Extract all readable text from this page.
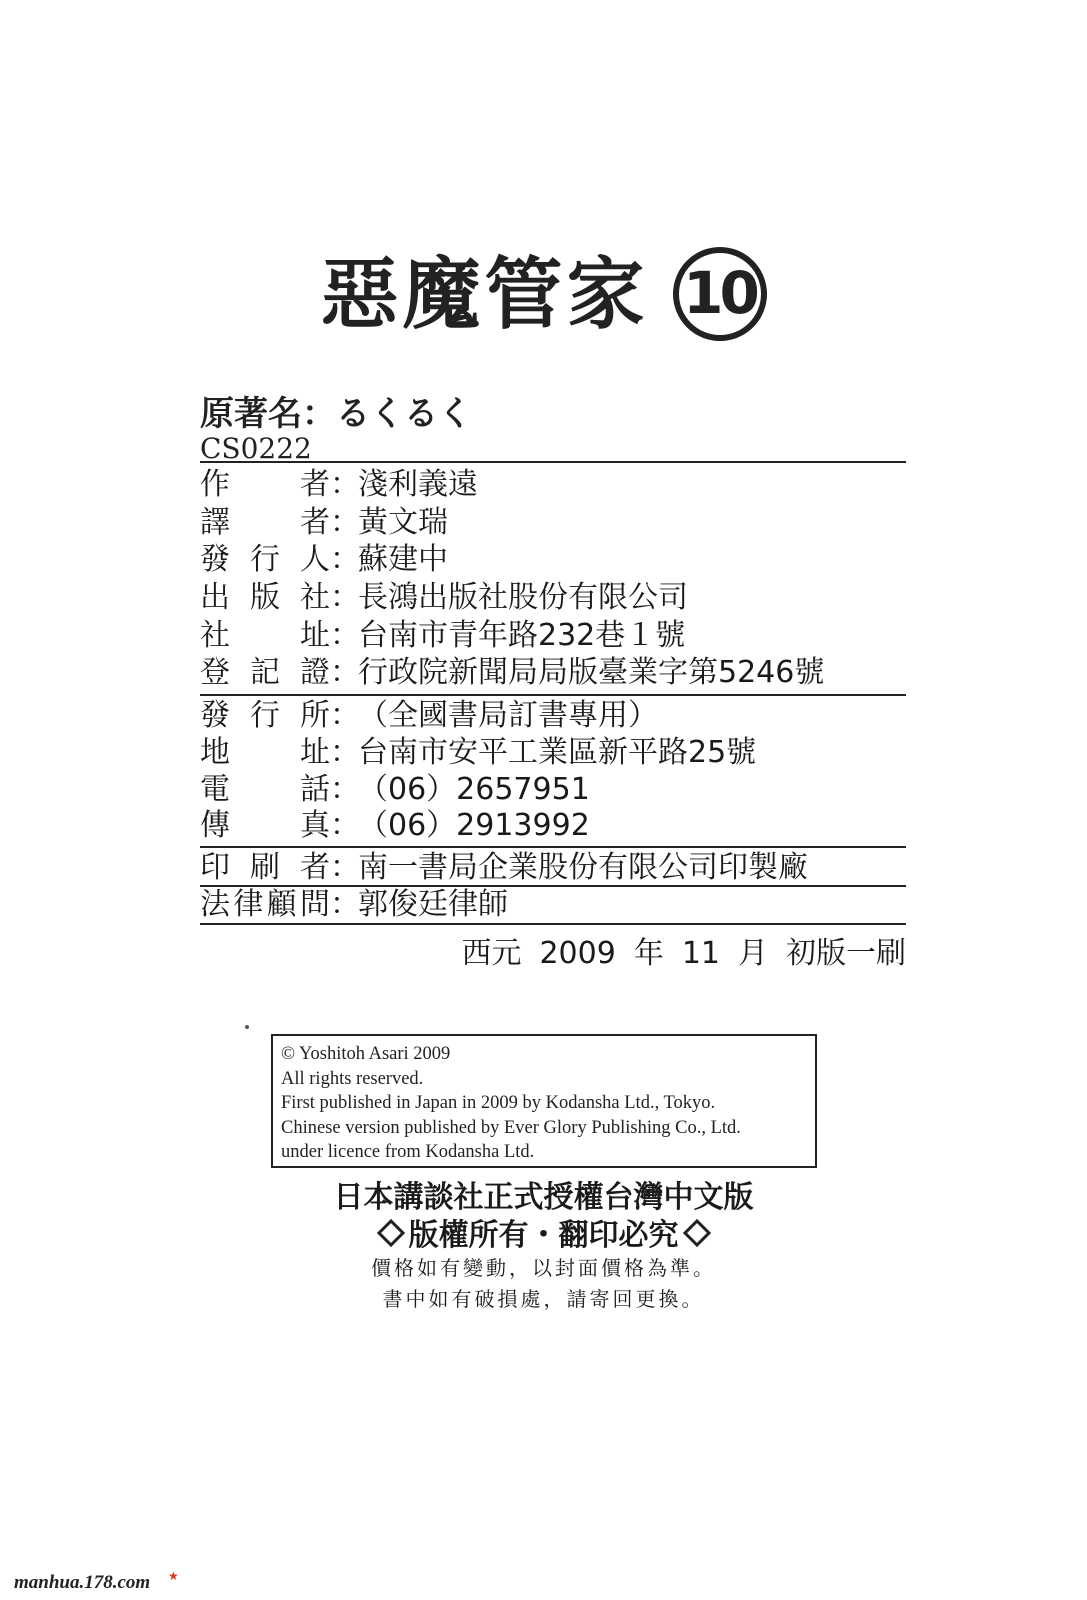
惡魔管家 10
原著名：るくるく
CS0222
作者：淺利義遠
譯者：黃文瑞
發行人：蘇建中
出版社：長鴻出版社股份有限公司
社址：台南市青年路232巷１號
登記證：行政院新聞局局版臺業字第5246號
發行所：（全國書局訂書專用）
地址：台南市安平工業區新平路25號
電話：（06）2657951
傳真：（06）2913992
印刷者：南一書局企業股份有限公司印製廠
法律顧問：郭俊廷律師
西元 2009 年 11 月 初版一刷
© Yoshitoh Asari 2009
All rights reserved.
First published in Japan in 2009 by Kodansha Ltd., Tokyo.
Chinese version published by Ever Glory Publishing Co., Ltd.
under licence from Kodansha Ltd.
日本講談社正式授權台灣中文版
版權所有・翻印必究
價格如有變動，以封面價格為準。
書中如有破損處，請寄回更換。
manhua.178.com ★
